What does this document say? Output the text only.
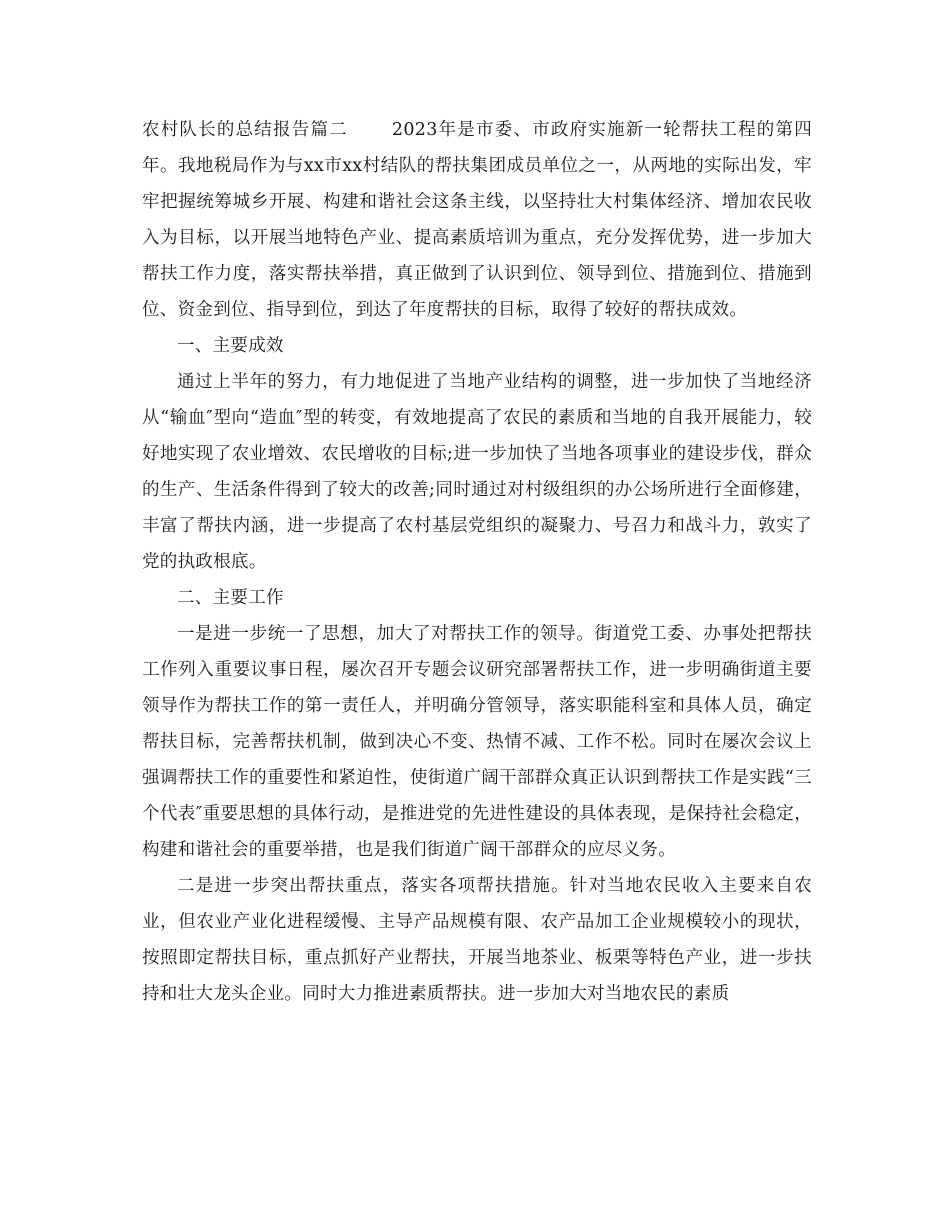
农村队长的总结报告篇二	2023年是市委、市政府实施新一轮帮扶工程的第四年。我地税局作为与xx市xx村结队的帮扶集团成员单位之一，从两地的实际出发，牢牢把握统筹城乡开展、构建和谐社会这条主线，以坚持壮大村集体经济、增加农民收入为目标，以开展当地特色产业、提高素质培训为重点，充分发挥优势，进一步加大帮扶工作力度，落实帮扶举措，真正做到了认识到位、领导到位、措施到位、措施到位、资金到位、指导到位，到达了年度帮扶的目标，取得了较好的帮扶成效。

一、主要成效

通过上半年的努力，有力地促进了当地产业结构的调整，进一步加快了当地经济从“输血″型向“造血″型的转变，有效地提高了农民的素质和当地的自我开展能力，较好地实现了农业增效、农民增收的目标;进一步加快了当地各项事业的建设步伐，群众的生产、生活条件得到了较大的改善;同时通过对村级组织的办公场所进行全面修建，丰富了帮扶内涵，进一步提高了农村基层党组织的凝聚力、号召力和战斗力，敦实了党的执政根底。

二、主要工作

一是进一步统一了思想，加大了对帮扶工作的领导。街道党工委、办事处把帮扶工作列入重要议事日程，屡次召开专题会议研究部署帮扶工作，进一步明确街道主要领导作为帮扶工作的第一责任人，并明确分管领导，落实职能科室和具体人员，确定帮扶目标，完善帮扶机制，做到决心不变、热情不减、工作不松。同时在屡次会议上强调帮扶工作的重要性和紧迫性，使街道广阔干部群众真正认识到帮扶工作是实践“三个代表″重要思想的具体行动，是推进党的先进性建设的具体表现，是保持社会稳定，构建和谐社会的重要举措，也是我们街道广阔干部群众的应尽义务。

二是进一步突出帮扶重点，落实各项帮扶措施。针对当地农民收入主要来自农业，但农业产业化进程缓慢、主导产品规模有限、农产品加工企业规模较小的现状，按照即定帮扶目标，重点抓好产业帮扶，开展当地茶业、板栗等特色产业，进一步扶持和壮大龙头企业。同时大力推进素质帮扶。进一步加大对当地农民的素质
